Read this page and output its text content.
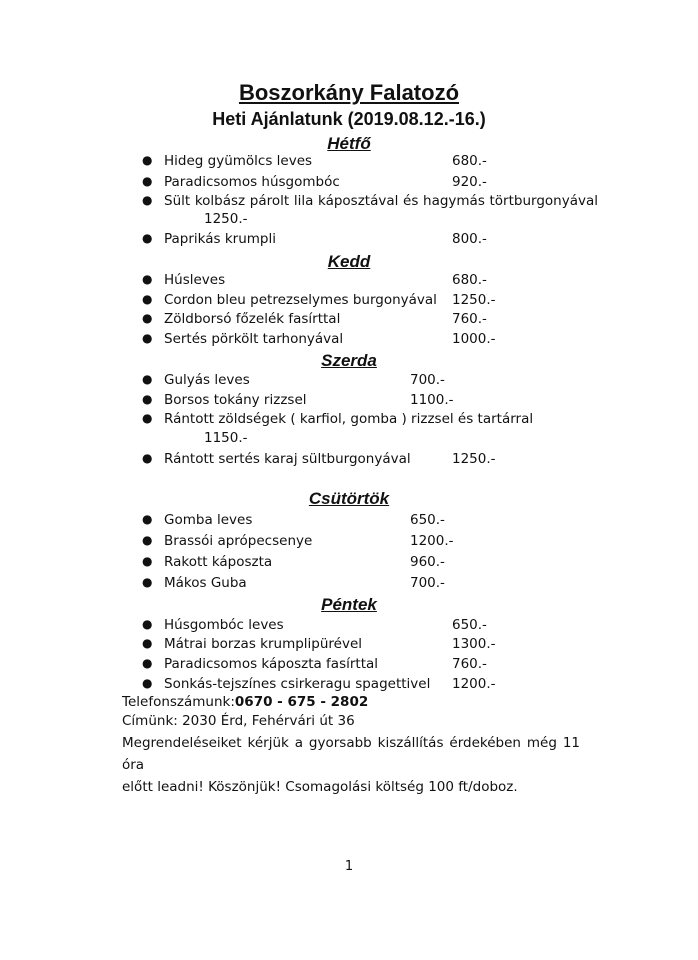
Boszorkány Falatozó
Heti Ajánlatunk (2019.08.12.-16.)
Hétfő
● Hideg gyümölcs leves	680.-
● Paradicsomos húsgombóc	920.-
● Sült kolbász párolt lila káposztával és hagymás törtburgonyával
1250.-
● Paprikás krumpli	800.-
Kedd
● Húsleves	680.-
● Cordon bleu petrezselymes burgonyával 1250.-
● Zöldborsó főzelék fasírttal	760.-
● Sertés pörkölt tarhonyával	1000.-
Szerda
● Gulyás leves	700.-
● Borsos tokány rizzsel	1100.-
● Rántott zöldségek ( karfiol, gomba ) rizzsel és tartárral
1150.-
● Rántott sertés karaj sültburgonyával	1250.-
Csütörtök
● Gomba leves	650.-
● Brassói aprópecsenye	1200.-
● Rakott káposzta	960.-
● Mákos Guba	700.-
Péntek
● Húsgombóc leves	650.-
● Mátrai borzas krumplipürével	1300.-
● Paradicsomos káposzta fasírttal	760.-
● Sonkás-tejszínes csirkeragu spagettivel 1200.-
Telefonszámunk:0670 - 675 - 2802
Címünk: 2030 Érd, Fehérvári út 36
Megrendeléseiket kérjük a gyorsabb kiszállítás érdekében még 11 óra
előtt leadni! Köszönjük! Csomagolási költség 100 ft/doboz.
1
